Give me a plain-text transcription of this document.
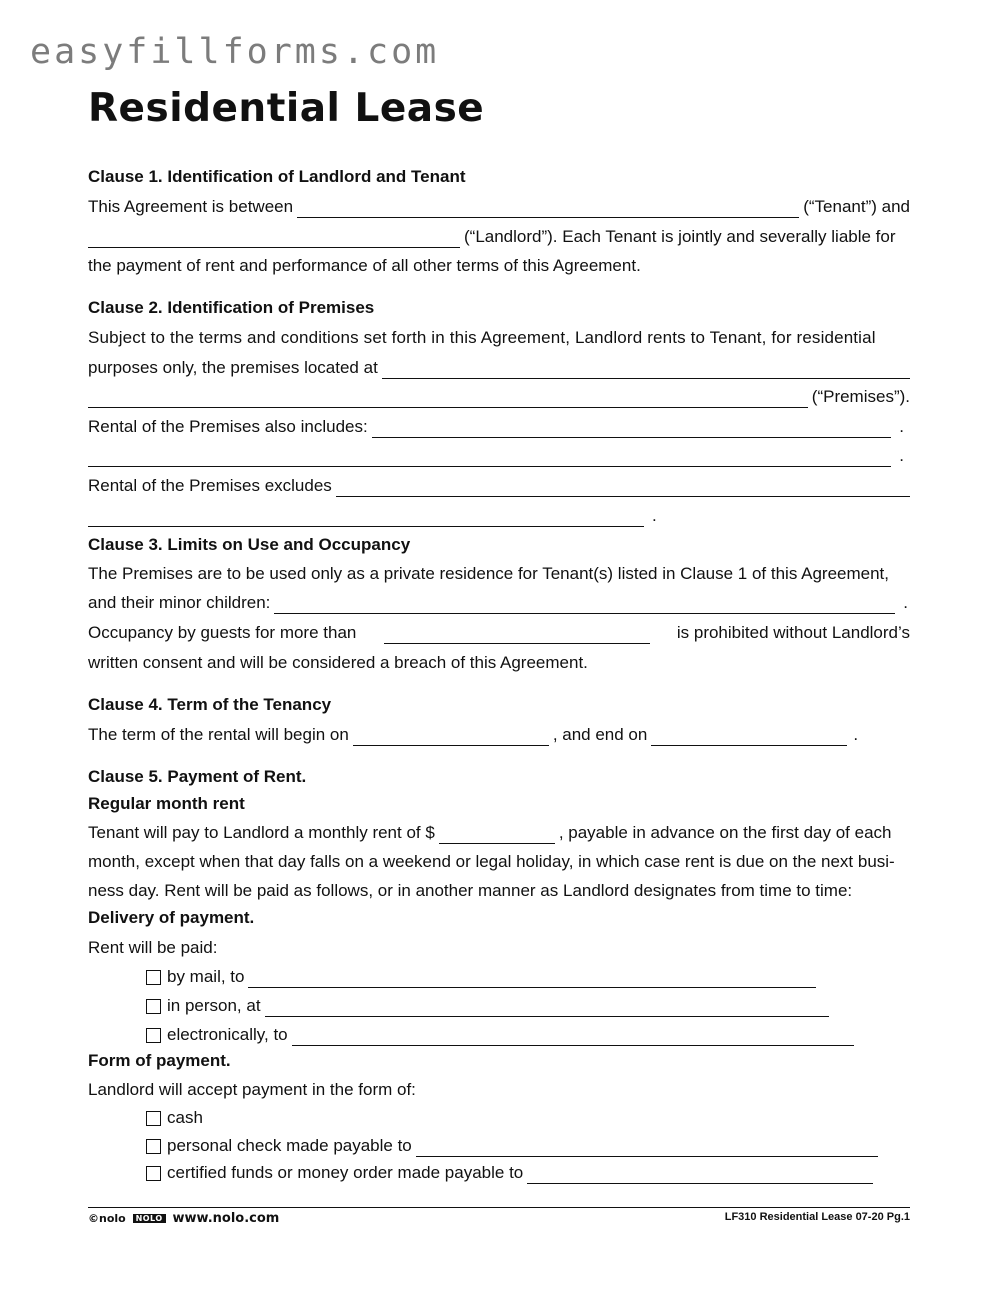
easyfillforms.com
Residential Lease
Clause 1. Identification of Landlord and Tenant
This Agreement is between	(“Tenant”) and
(“Landlord”). Each Tenant is jointly and severally liable for
the payment of rent and performance of all other terms of this Agreement.
Clause 2. Identification of Premises
Subject to the terms and conditions set forth in this Agreement, Landlord rents to Tenant, for residential
purposes only, the premises located at
(“Premises”).
Rental of the Premises also includes:	.
.
Rental of the Premises excludes
.
Clause 3. Limits on Use and Occupancy
The Premises are to be used only as a private residence for Tenant(s) listed in Clause 1 of this Agreement,
and their minor children:	.
Occupancy by guests for more than	is prohibited without Landlord’s
written consent and will be considered a breach of this Agreement.
Clause 4. Term of the Tenancy
The term of the rental will begin on	, and end on	.
Clause 5. Payment of Rent.
Regular month rent
Tenant will pay to Landlord a monthly rent of $	, payable in advance on the first day of each
month, except when that day falls on a weekend or legal holiday, in which case rent is due on the next busi-
ness day. Rent will be paid as follows, or in another manner as Landlord designates from time to time:
Delivery of payment.
Rent will be paid:
by mail, to
in person, at
electronically, to
Form of payment.
Landlord will accept payment in the form of:
cash
personal check made payable to
certified funds or money order made payable to
©nolo NOLO www.nolo.com	LF310 Residential Lease 07-20 Pg.1
